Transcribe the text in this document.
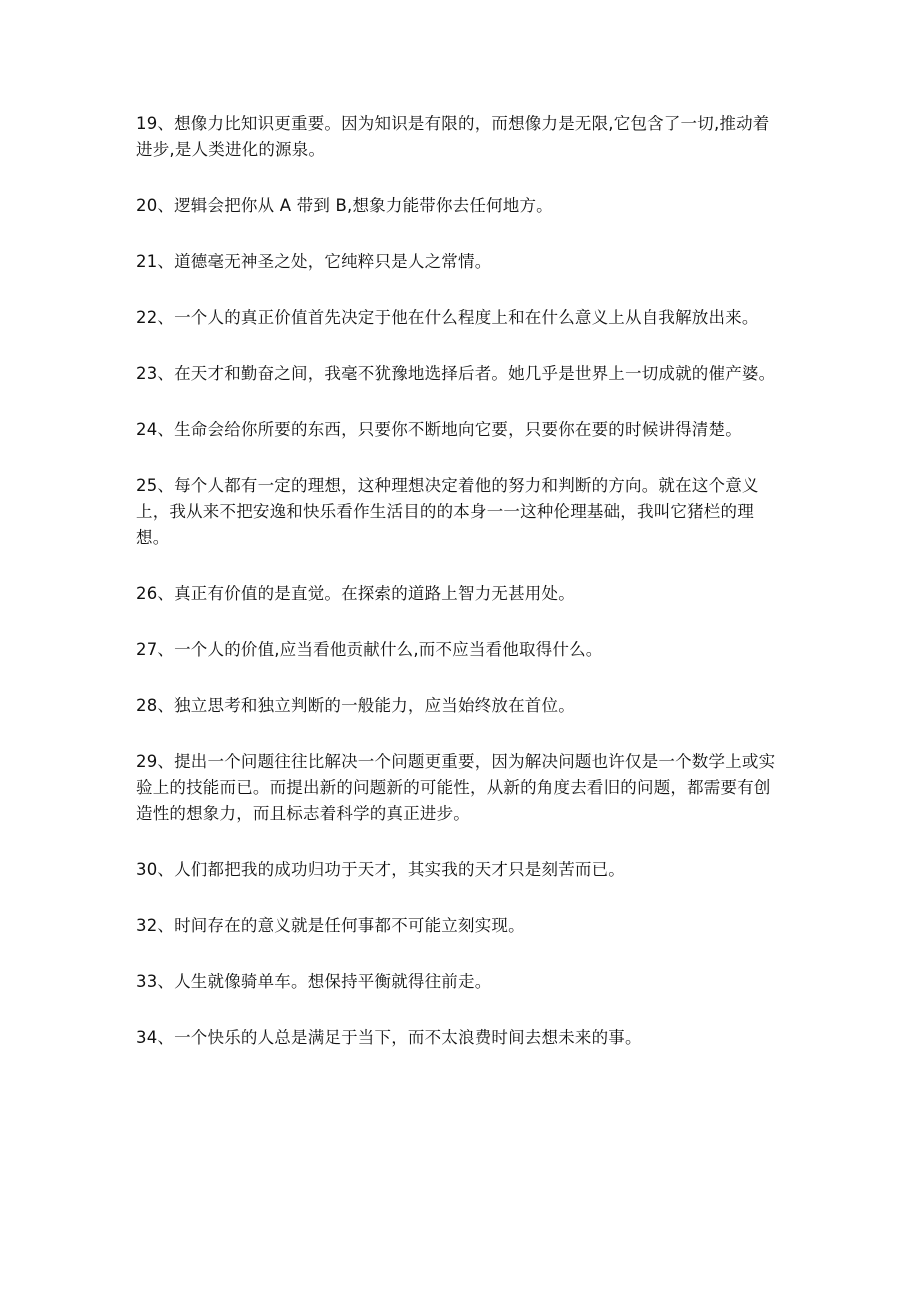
19、想像力比知识更重要。因为知识是有限的，而想像力是无限,它包含了一切,推动着进步,是人类进化的源泉。

20、逻辑会把你从 A 带到 B,想象力能带你去任何地方。

21、道德毫无神圣之处，它纯粹只是人之常情。

22、一个人的真正价值首先决定于他在什么程度上和在什么意义上从自我解放出来。

23、在天才和勤奋之间，我毫不犹豫地选择后者。她几乎是世界上一切成就的催产婆。

24、生命会给你所要的东西，只要你不断地向它要，只要你在要的时候讲得清楚。

25、每个人都有一定的理想，这种理想决定着他的努力和判断的方向。就在这个意义上，我从来不把安逸和快乐看作生活目的的本身一一这种伦理基础，我叫它猪栏的理想。

26、真正有价值的是直觉。在探索的道路上智力无甚用处。

27、一个人的价值,应当看他贡献什么,而不应当看他取得什么。

28、独立思考和独立判断的一般能力，应当始终放在首位。

29、提出一个问题往往比解决一个问题更重要，因为解决问题也许仅是一个数学上或实验上的技能而已。而提出新的问题新的可能性，从新的角度去看旧的问题，都需要有创造性的想象力，而且标志着科学的真正进步。

30、人们都把我的成功归功于天才，其实我的天才只是刻苦而已。

32、时间存在的意义就是任何事都不可能立刻实现。

33、人生就像骑单车。想保持平衡就得往前走。

34、一个快乐的人总是满足于当下，而不太浪费时间去想未来的事。
